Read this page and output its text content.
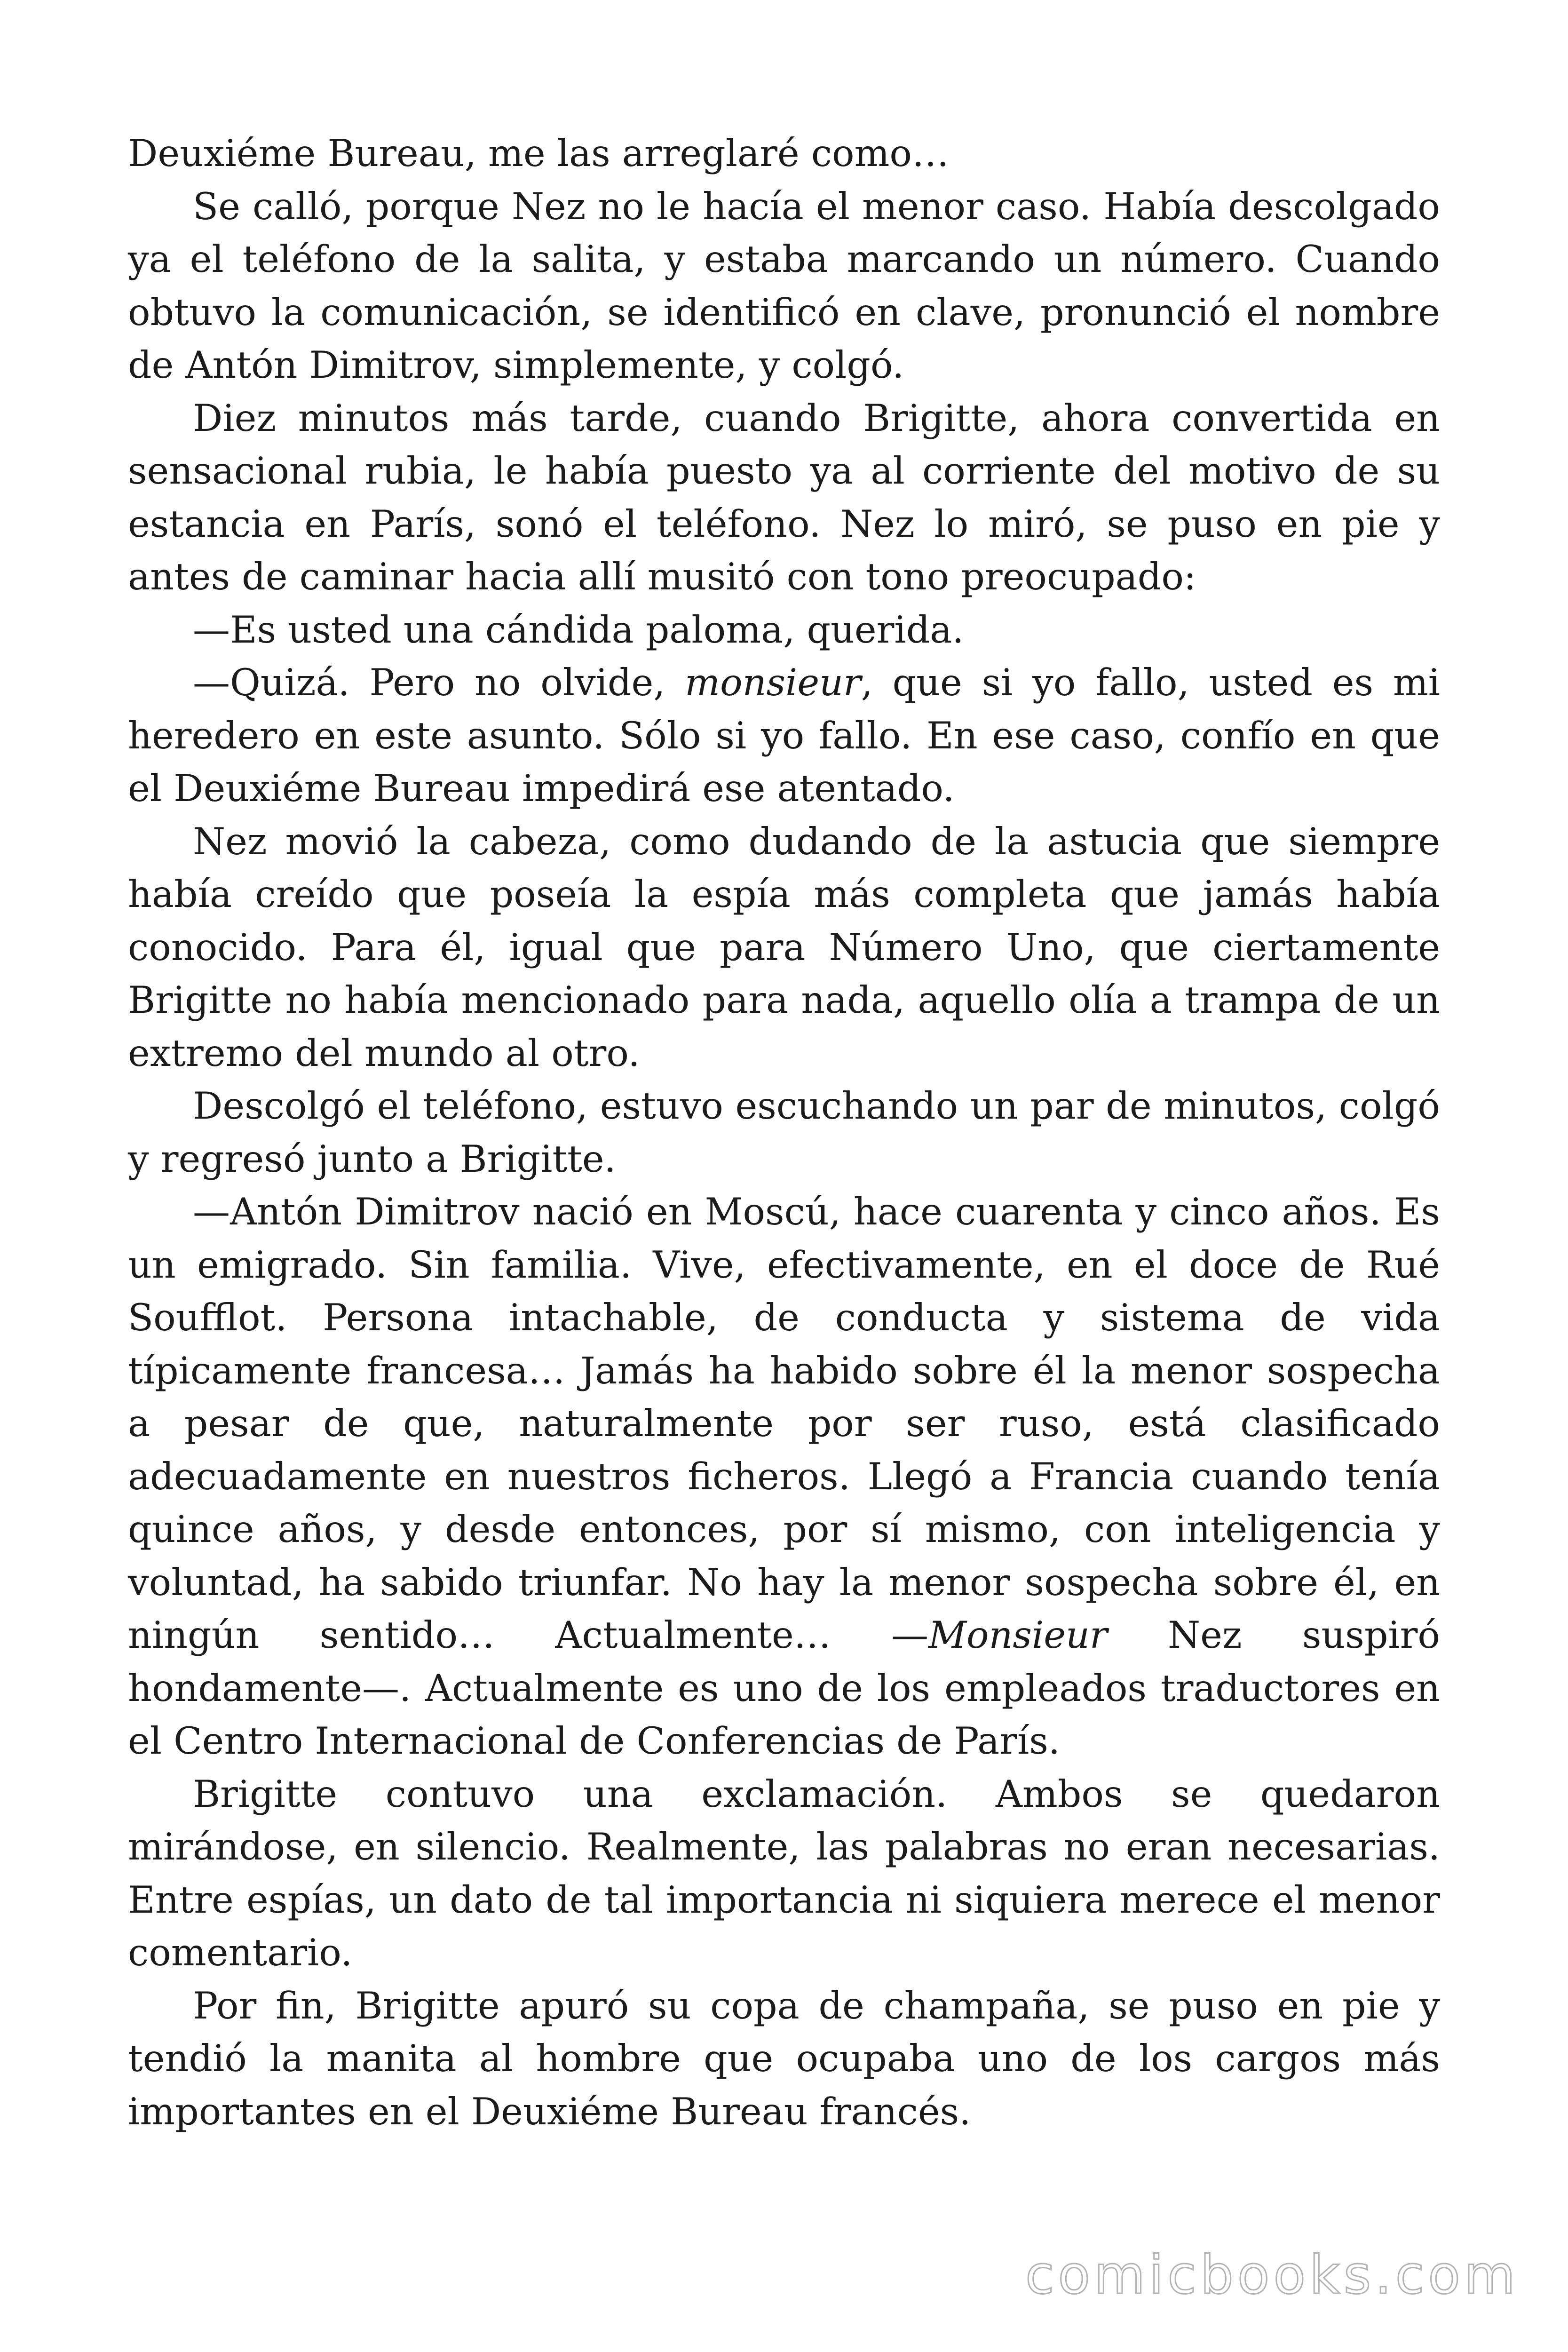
Deuxiéme Bureau, me las arreglaré como…

Se calló, porque Nez no le hacía el menor caso. Había descolgado ya el teléfono de la salita, y estaba marcando un número. Cuando obtuvo la comunicación, se identificó en clave, pronunció el nombre de Antón Dimitrov, simplemente, y colgó.

Diez minutos más tarde, cuando Brigitte, ahora convertida en sensacional rubia, le había puesto ya al corriente del motivo de su estancia en París, sonó el teléfono. Nez lo miró, se puso en pie y antes de caminar hacia allí musitó con tono preocupado:

—Es usted una cándida paloma, querida.

—Quizá. Pero no olvide, monsieur, que si yo fallo, usted es mi heredero en este asunto. Sólo si yo fallo. En ese caso, confío en que el Deuxiéme Bureau impedirá ese atentado.

Nez movió la cabeza, como dudando de la astucia que siempre había creído que poseía la espía más completa que jamás había conocido. Para él, igual que para Número Uno, que ciertamente Brigitte no había mencionado para nada, aquello olía a trampa de un extremo del mundo al otro.

Descolgó el teléfono, estuvo escuchando un par de minutos, colgó y regresó junto a Brigitte.

—Antón Dimitrov nació en Moscú, hace cuarenta y cinco años. Es un emigrado. Sin familia. Vive, efectivamente, en el doce de Rué Soufflot. Persona intachable, de conducta y sistema de vida típicamente francesa… Jamás ha habido sobre él la menor sospecha a pesar de que, naturalmente por ser ruso, está clasificado adecuadamente en nuestros ficheros. Llegó a Francia cuando tenía quince años, y desde entonces, por sí mismo, con inteligencia y voluntad, ha sabido triunfar. No hay la menor sospecha sobre él, en ningún sentido… Actualmente… —Monsieur Nez suspiró hondamente—. Actualmente es uno de los empleados traductores en el Centro Internacional de Conferencias de París.

Brigitte contuvo una exclamación. Ambos se quedaron mirándose, en silencio. Realmente, las palabras no eran necesarias. Entre espías, un dato de tal importancia ni siquiera merece el menor comentario.

Por fin, Brigitte apuró su copa de champaña, se puso en pie y tendió la manita al hombre que ocupaba uno de los cargos más importantes en el Deuxiéme Bureau francés.

comicbooks.com
